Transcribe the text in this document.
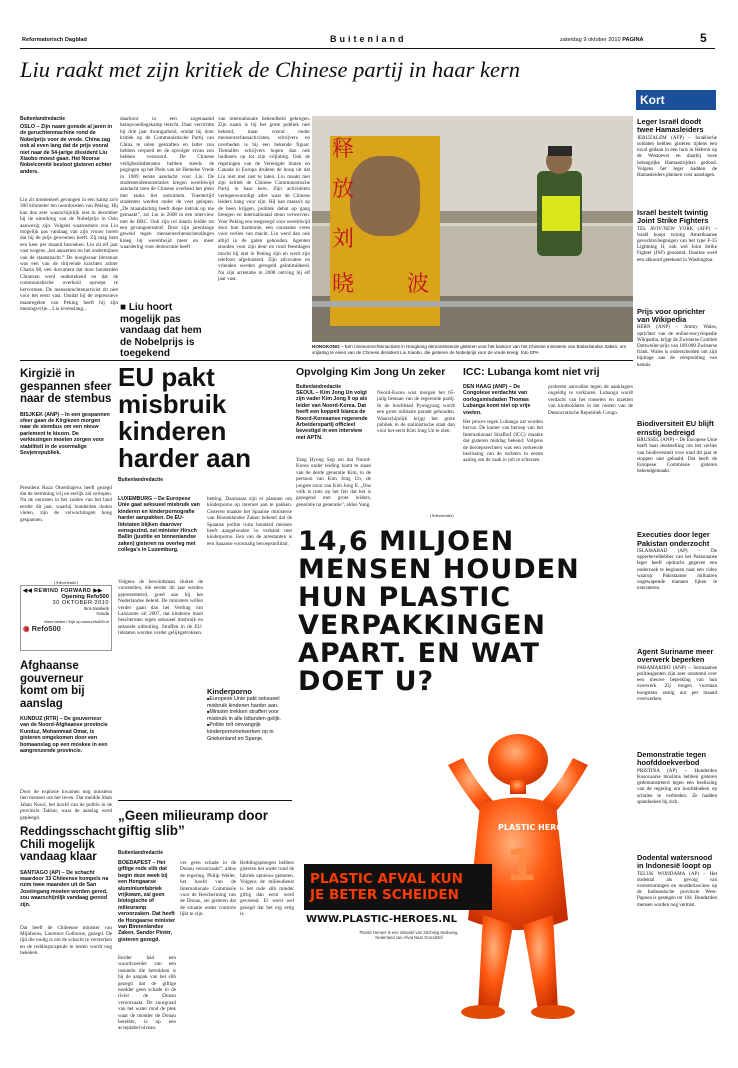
Reformatorisch Dagblad	Buitenland	zaterdag 9 oktober 2010 PAGINA	5
Liu raakt met zijn kritiek de Chinese partij in haar kern
Buitenlandredactie
OSLO – Zijn naam gonsde al jaren in de geruchtenmachine rond de Nobelprijs voor de vrede. China zag ook al even lang dat de prijs vooral niet naar de 54-jarige dissident Liu Xiaobo moest gaan. Het Noorse Nobelcomité besloot gisteren echter anders.
Liu zit momenteel gevangen in een kamp zo'n 300 kilometer ten noordoosten van Peking. Hij kan dus zeer waarschijnlijk niet in december bij de uitreiking van de Nobelprijs in Oslo aanwezig zijn. Volgens waarnemers zou Liu mogelijk pas vandaag van zijn vrouw horen dat hij de prijs gewonnen heeft. Zij mag hem een keer per maand bezoeken. Liu zit elf jaar vast wegens „het aanzetten tot het ondermijnen van de staatsmacht.” De hoogleraar literatuur was een van de drijvende krachten achter Charta 08, een document dat door honderden Chinezen werd ondertekend en dat de communistische overheid oproept te hervormen. De mensenrechtenactivist zit niet voor het eerst vast. Omdat hij de repressieve maatregelen van Peking heeft bij zijn meningsvrije... Liu levenslang...
daarboor in een zogenaamd heropvoedingskamp terecht. Daar verrichtte hij drie jaar dwangarbeid, omdat hij door kritiek op de Communistische Partij van China te uiten gestraften en latter zou hebben verpoed en de opvolger ervan zou hebben verstoord. De Chinese veiligheidsdiensten hebben steeds de pogingen op het Plein van de Hemelse Vrede in 1989 eerste aandacht voor Liu. De studentendemonstraties kregen wereldwijd aandacht toen de Chinese overheid het plein met tanks liet ontruimen. Toentertijd studenten werden onder de voet gelopen. „De maandachtig heeft diepe indruk op me gemaakt”, zei Liu in 2008 in een interview met de BBC. Ook zijn rol daarin leidde tot een gevangenisstraf. Door zijn jarenlange geweld tegen mensenrechtenschendingen kreeg hij wereldwijd meer en meer waardering voor democratie heeft
■ Liu hoort mogelijk pas vandaag dat hem de Nobelprijs is toegekend
van internationale bekendheid gekregen. Zijn naam is bij het grote publiek niet bekend, maar vooral onder mensenrechtenactivisten, schrijvers en overheden is hij een bekende figuur. Tientallen schrijvers hopen dan ook luidkeels op tot zijn vrijlating. Ook de regeringen van de Verenigde Staten en Canada in Europa drukten de hoop uit dat Liu niet met rust te laten. Liu maakt met zijn kritiek de Chinese Communistische Partij in haar kern. Zijn activiteiten vertegenwoordigt alles waar de Chinese leiders bang voor zijn. Hij kan massa's op de been krijgen, politiek debat op gang brengen en internationaal steun verwerven. Voor Peking een toegezegd voor wereldwijd door hun harmonie, een constante vrees voor verlies van macht. Liu werd dan ook altijd in de gaten gehouden. Agenten stonden voor zijn deur en rond feestdagen mocht hij niet in Peking zijn en werd zijn telefoon afgeluisterd. Zijn advocaten en vrienden werden geregeld geïntimideerd. Na zijn arrestatie in 2008 ontving hij elf jaar vast.
释
放
刘
晓 波
HONGKONG – Een mensenrechtenactivist in Hongkong demonstreerde gisteren voor het kantoor van het Chinese ministerie van Buitenlandse Zaken, om vrijlating te eisen van de Chinese dissident Liu Xiaobo, die gisteren de Nobelprijs voor de vrede kreeg. foto EPA
Kort
Leger Israël doodt twee Hamasleiders

JERUZALEM (AFP) – Israëlische soldaten hebben gisteren tijdens een inval gedaan in een huis in Hebron op de Westoever en daarbij twee belangrijke Hamasstrijders gedood. Volgens het leger hadden de Hamasleiders plannen voor aanslagen.

Israël bestelt twintig Joint Strike Fighters

TEL AVIV/NEW YORK (AFP) – Israël koopt twintig Amerikaanse gevechtsvliegtuigen van het type F-35 Lightning II, ook wel Joint Strike Fighter (JSF) genoemd. Daartoe werd een akkoord getekend in Washington.

Prijs voor oprichter van Wikipedia

BERN (ANP) – Jimmy Wales, oprichter van de online-encyclopedie Wikipedia, krijgt de Zwitserse Gottlieb Duttweiler-prijs van 100.000 Zwitserse frank. Wales is onderscheiden om zijn bijdrage aan de verspreiding van kennis.

Biodiversiteit EU blijft ernstig bedreigd

BRUSSEL (ANP) – De Europese Unie heeft haar doelstelling om het verlies van biodiversiteit voor eind dit jaar te stoppen niet gehaald. Dat heeft de Europese Commissie gisteren bekendgemaakt.

Executies door leger Pakistan onderzocht

ISLAMABAD (AP) – De opperbevelhebber van het Pakistaanse leger heeft opdracht gegeven een onderzoek te beginnen naar een video waarop Pakistaanse militairen ongewapende mannen lijken te executeren.

Agent Suriname meer overwerk beperken

PARAMARIBO (ANP) – Surinaamse politieagenten zijn zeer ontstemd over een nieuwe beperking van hun overwerk. Zij mogen voortaan hoogstens zestig uur per maand overwerken.

Demonstratie tegen hoofddoekverbod

PRISTINA (AP) – Honderden Kosovaarse moslims hebben gisteren gedemonstreerd tegen een beslissing van de regering om hoofddoeken op scholen te verbieden. Ze hadden spandoeken bij zich.

Dodental watersnood in Indonesië loopt op

TELUK WONDAMA (AP) – Het dodental als gevolg van overstromingen en modderlawines op de Indonesische provincie West-Papoea is gestegen tot 104. Honderden mensen worden nog vermist.

Kirgizië in gespannen sfeer naar de stembus
BISJKEK (ANP) – In een gespannen sfeer gaan de Kirgiezen morgen naar de stembus om een nieuw parlement te kiezen. De verkiezingen moeten zorgen voor stabiliteit in de voormalige Sovjetrepubliek.
President Roza Otoenbajeva heeft gezegd dat de stemming vrij en eerlijk zal verlopen. Na de onrusten in het zuiden van het land eerder dit jaar, waarbij honderden doden vielen, zijn de verwachtingen hoog gespannen.
(Advertentie)
◀◀ REWIND FORWARD ▶▶
Opening Refo500
30 OKTOBER 2010
Sint-Janskerk
Gouda
Meer weten? Kijk op www.refo500.nl
◉ Refo500
Afghaanse gouverneur komt om bij aanslag
KUNDUZ (RTR) – De gouverneur van de Noord-Afghaanse provincie Kunduz, Mohammad Omar, is gisteren omgekomen door een bomaanslag op een moskee in een aangrenzende provincie.
Door de explosie kwamen nog minstens tien mensen om het leven. Dat meldde Shah Jahan Noori, het hoofd van de politie in de provincie Takhar, waar de aanslag werd gepleegd.
Reddingsschacht Chili mogelijk vandaag klaar
SANTIAGO (AP) – De schacht waardoor 33 Chileense kompels na ruim twee maanden uit de San Joséingang moeten worden gered, zou waarschijnlijk vandaag gereed zijn.
Dat heeft de Chileense minister van Mijnbouw, Laurence Golborne, gezegd. De tijd die nodig is om de schacht te versterken en de reddingscapsule te testen wordt nog bekeken.
EU pakt misbruik kinderen harder aan
Buitenlandredactie
LUXEMBURG – De Europese Unie gaat seksueel misbruik van kinderen en kinderpornografie harder aanpakken. De EU-lidstaten blijken daarover eensgezind, zei minister Hirsch Ballin (justitie en binnenlandse zaken) gisteren na overleg met collega's in Luxemburg.
Volgens de bewindsman sluiten de voorstellen, die eerder dit jaar werden gepresenteerd, goed aan bij het Nederlandse beleid. De ministers willen verder gaan dan het Verdrag van Lanzarote uit 2007, dat kinderen moet beschermen tegen seksueel misbruik en seksuele uitbuiting. Straffen in de EU-lidstaten worden verder gelijkgetrokken.
hetting. Daarnaast zijn er plannen om kinderporno op internet aan te pakken. Gisteren maakte het Spaanse ministerie van Binnenlandse Zaken bekend dat de Spaanse politie ruim honderd mensen heeft aangehouden in verband met kinderporno. Een van de arrestanten is een Spaanse voormalig beroepsmilitair.
Kinderporno
■ Europese Unie pakt seksueel misbruik kinderen harder aan.
■ Minister trekken straffen voor misbruik in alle lidlanden gelijk.
■ Politie rolt omvangrijk kinderpornonetwerken op in Griekenland en Spanje.
Opvolging Kim Jong Un zeker
Buitenlandredactie
SEOUL – Kim Jong Un volgt zijn vader Kim Jong Il op als leider van Noord-Korea. Dat heeft een koppelt bianca de Noord-Koreaanse regerende Arbeiderspartij officieel bevestigd in een interview met APTN.
Yang Hyong Sop zei dat Noord-Korea onder leiding komt te staan van de derde generatie Kim, in de persoon van Kim Jong Un, de jongste zoon van Kim Jong Il. „Ons volk is trots op het feit dat het is gezegend met grote leiders, generatie na generatie”, aldus Yang.
Noord-Korea wist morgen het 65-jarig bestaan van de regerende partij. In de hoofdstad Pyongyang wordt een grote militaire parade gehouden. Waarschijnlijk krijgt het grote publiek in de stalinistische staat dan voor het eerst Kim Jong Un te zien.
ICC: Lubanga komt niet vrij
DEN HAAG (ANP) – De Congolese verdachte van oorlogsmisdaden Thomas Lubanga komt niet op vrije voeten.
Het proces tegen Lubanga zal worden hervat. De kamer van beroep van het Internationaal Strafhof (ICC) maakte dat gisteren middag bekend. Volgens de beroepsrechters was een verkeerde beslissing van de rechters in eerste aanleg om de zaak in juli te schorsen.
proberen aanvallen tegen de aanklagers ongeldig te verklaren. Lubanga wordt verdacht van het ronselen en inzetten van kindsoldaten in het oosten van de Democratische Republiek Congo.
(Advertentie)
14,6 MILJOEN MENSEN HOUDEN HUN PLASTIC VERPAKKINGEN APART. EN WAT DOET U?
PLASTIC HERO
1
PLASTIC AFVAL KUN
JE BETER SCHEIDEN
WWW.PLASTIC-HEROES.NL
Plastic Heroes is een initiatief van Stichting Nedvang,
Nederland van Afval Naar Grondstof
„Geen milieuramp door giftig slib”
Buitenlandredactie
BOEDAPEST – Het giftige rode slib dat begin deze week bij een Hongaarse aluminiumfabriek vrijkwam, zal geen biologische of milieuramp veroorzaken. Dat heeft de Hongaarse minister van Binnenlandse Zaken, Sandor Pintér, gisteren gezegd.
Eerder had een woordvoerder van een instantie die betrokken is bij de aanpak van het slib gezegd dat de giftige modder geen schade in de rivier de Donau veroorzaakt. De zuurgraad van het water rond de plek waar de modder de Donau bereikte, is op een acceptabel niveau.
ver geen schade in de Donau veroorzaakt”, aldus de regering. Philip Weller, het hoofd van de Internationale Commissie voor de Bescherming van de Donau, zei gisteren dat de situatie onder controle lijkt te zijn.
Reddingsploegen hebben gisteren het water rond de fabriek opnieuw gemeten. Volgens de milieudienst is het rode slib minder giftig dan eerst werd gevreesd. Er werd wel gezegd dat het erg ertig is.
